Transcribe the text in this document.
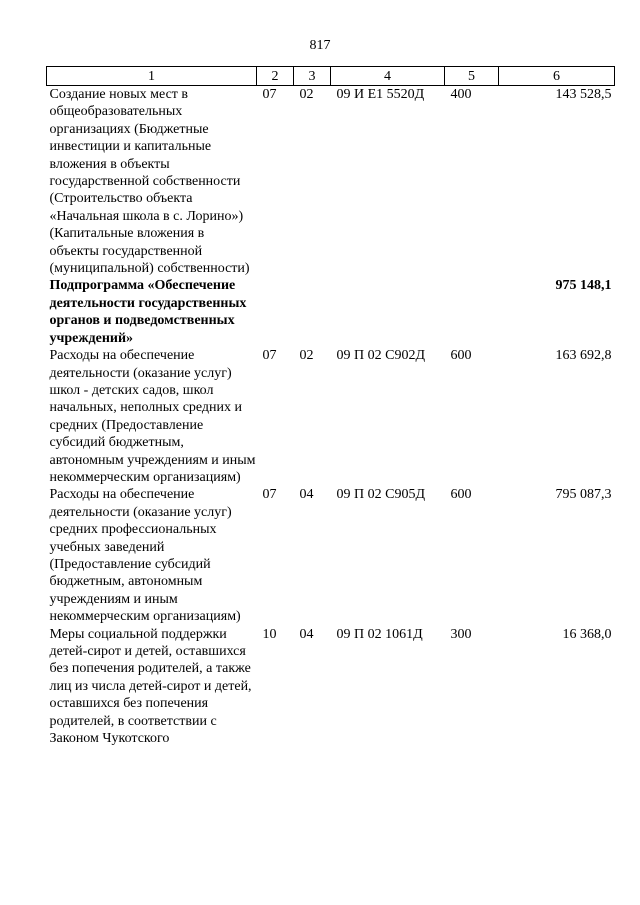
817
1	2	3	4	5	6
Создание новых мест в общеобразовательных организациях (Бюджетные инвестиции и капитальные вложения в объекты государственной собственности (Строительство объекта «Начальная школа в с. Лорино») (Капитальные вложения в объекты государственной (муниципальной) собственности)	07	02	09 И Е1 5520Д	400	143 528,5
Подпрограмма «Обеспечение деятельности государственных органов и подведомственных учреждений»					975 148,1
Расходы на обеспечение деятельности (оказание услуг) школ - детских садов, школ начальных, неполных средних и средних (Предоставление субсидий бюджетным, автономным учреждениям и иным некоммерческим организациям)	07	02	09 П 02 С902Д	600	163 692,8
Расходы на обеспечение деятельности (оказание услуг) средних профессиональных учебных заведений (Предоставление субсидий бюджетным, автономным учреждениям и иным некоммерческим организациям)	07	04	09 П 02 С905Д	600	795 087,3
Меры социальной поддержки детей-сирот и детей, оставшихся без попечения родителей, а также лиц из числа детей-сирот и детей, оставшихся без попечения родителей, в соответствии с Законом Чукотского	10	04	09 П 02 1061Д	300	16 368,0
